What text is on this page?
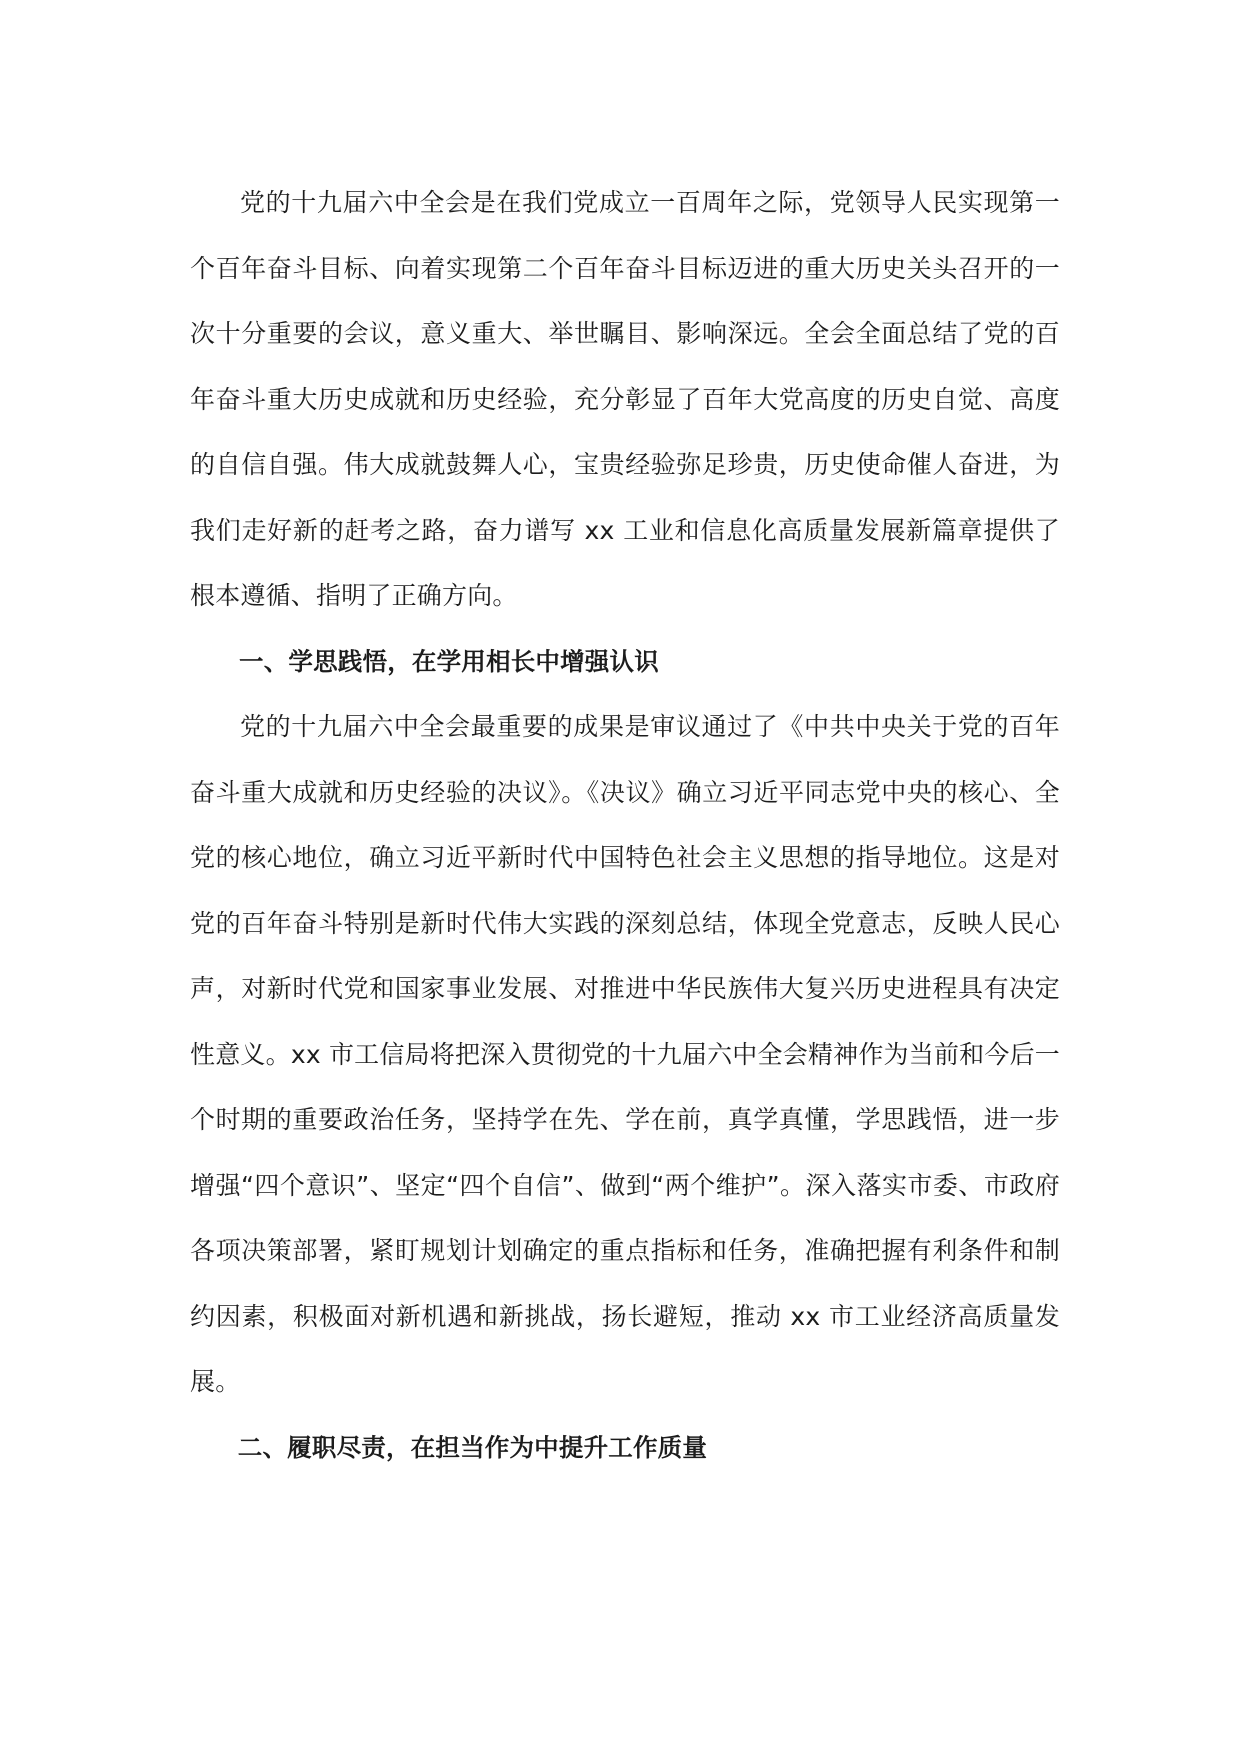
党的十九届六中全会是在我们党成立一百周年之际，党领导人民实现第一个百年奋斗目标、向着实现第二个百年奋斗目标迈进的重大历史关头召开的一次十分重要的会议，意义重大、举世瞩目、影响深远。全会全面总结了党的百年奋斗重大历史成就和历史经验，充分彰显了百年大党高度的历史自觉、高度的自信自强。伟大成就鼓舞人心，宝贵经验弥足珍贵，历史使命催人奋进，为我们走好新的赶考之路，奋力谱写 xx 工业和信息化高质量发展新篇章提供了根本遵循、指明了正确方向。

一、学思践悟，在学用相长中增强认识

党的十九届六中全会最重要的成果是审议通过了《中共中央关于党的百年奋斗重大成就和历史经验的决议》。《决议》确立习近平同志党中央的核心、全党的核心地位，确立习近平新时代中国特色社会主义思想的指导地位。这是对党的百年奋斗特别是新时代伟大实践的深刻总结，体现全党意志，反映人民心声，对新时代党和国家事业发展、对推进中华民族伟大复兴历史进程具有决定性意义。xx 市工信局将把深入贯彻党的十九届六中全会精神作为当前和今后一个时期的重要政治任务，坚持学在先、学在前，真学真懂，学思践悟，进一步增强“四个意识”、坚定“四个自信”、做到“两个维护”。深入落实市委、市政府各项决策部署，紧盯规划计划确定的重点指标和任务，准确把握有利条件和制约因素，积极面对新机遇和新挑战，扬长避短，推动 xx 市工业经济高质量发展。

二、履职尽责，在担当作为中提升工作质量
